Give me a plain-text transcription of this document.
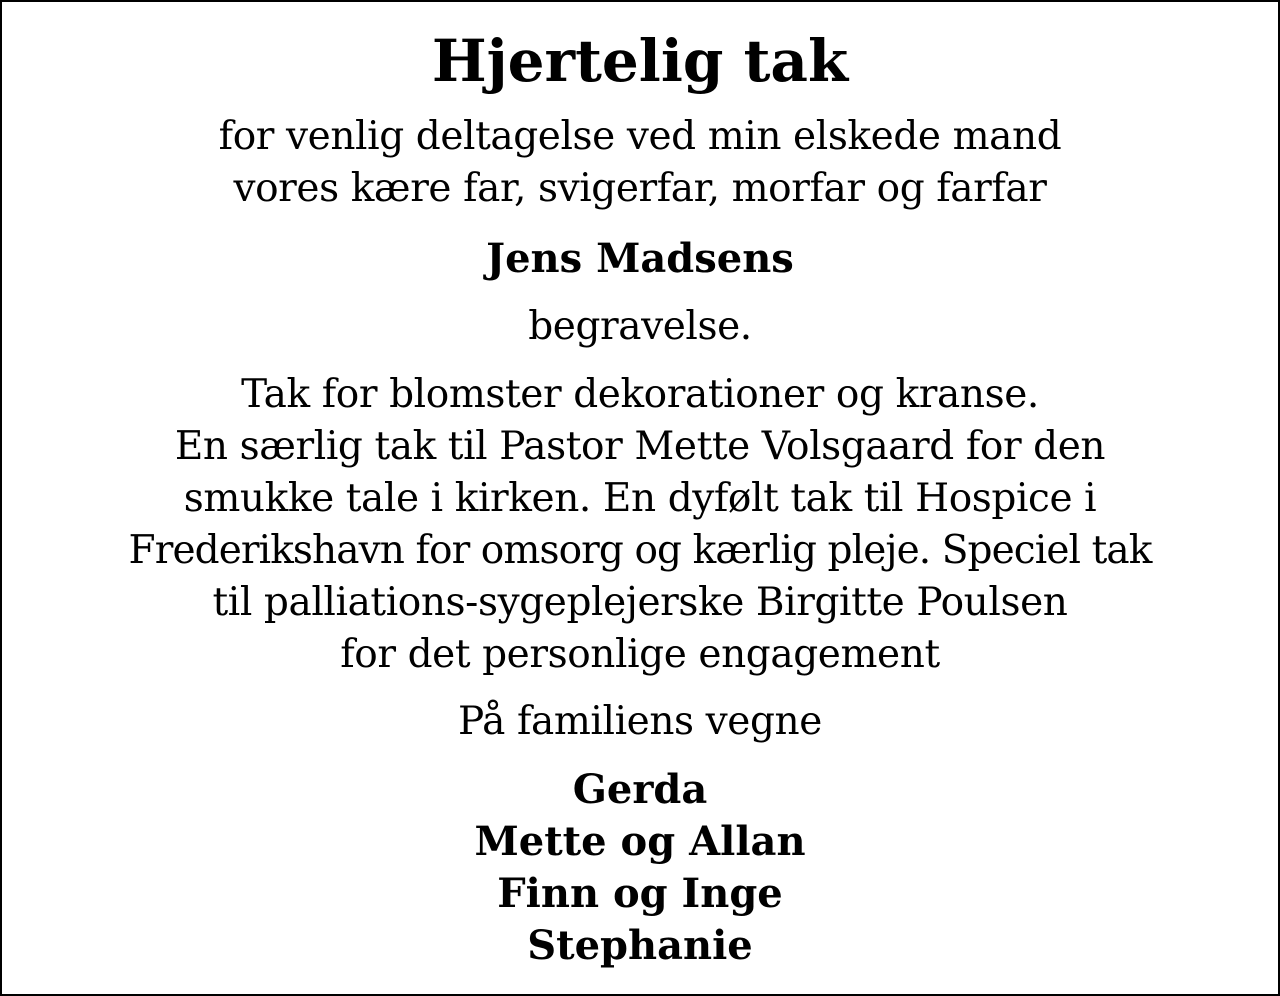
Hjertelig tak
for venlig deltagelse ved min elskede mand
vores kære far, svigerfar, morfar og farfar
Jens Madsens
begravelse.
Tak for blomster dekorationer og kranse.
En særlig tak til Pastor Mette Volsgaard for den
smukke tale i kirken. En dyfølt tak til Hospice i
Frederikshavn for omsorg og kærlig pleje. Speciel tak
til palliations-sygeplejerske Birgitte Poulsen
for det personlige engagement
På familiens vegne
Gerda
Mette og Allan
Finn og Inge
Stephanie
